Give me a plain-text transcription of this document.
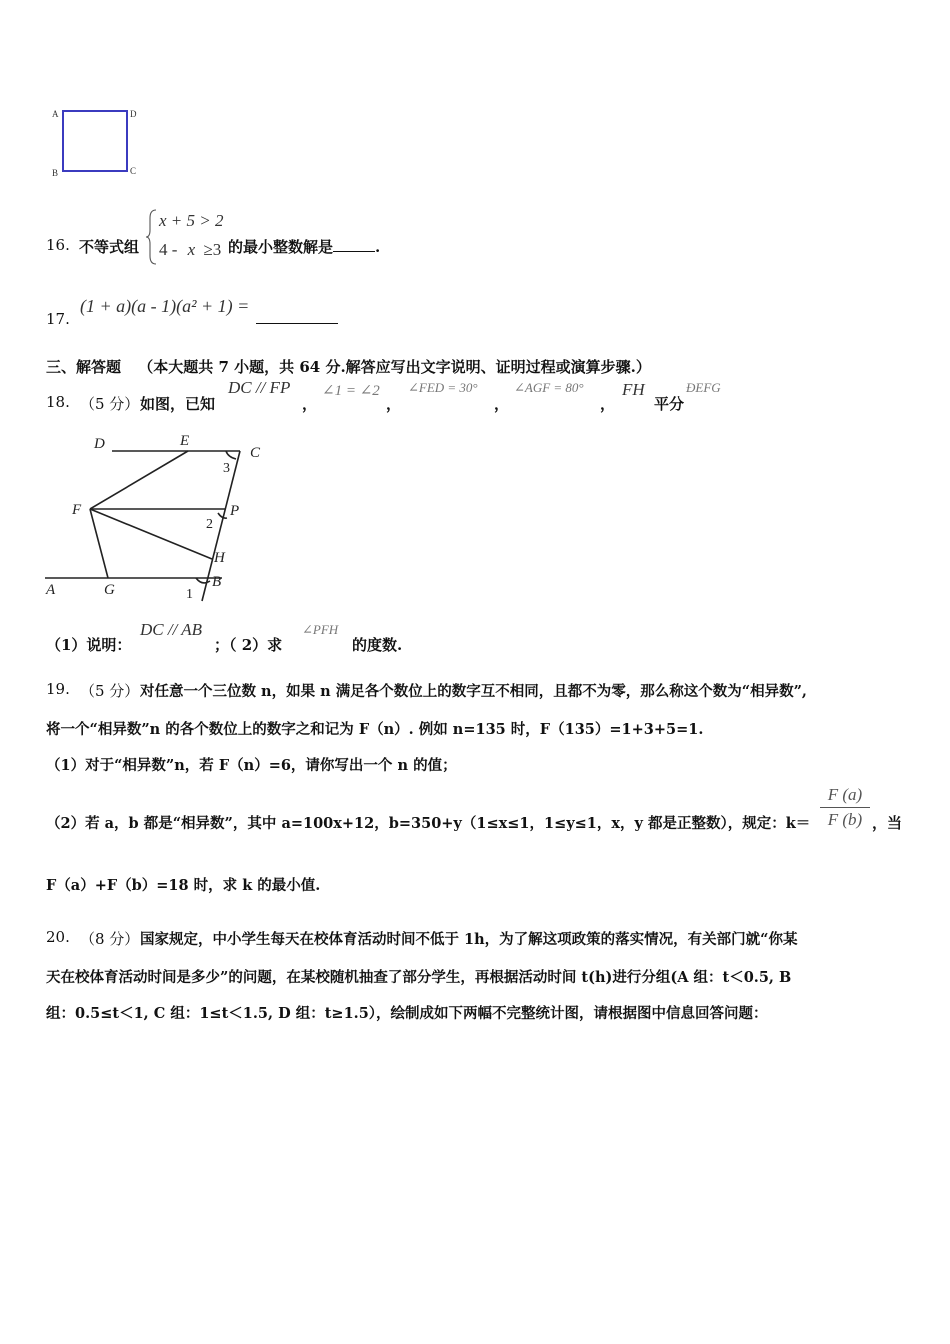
A	D
B	C
16. 不等式组
x + 5 > 2
4 - x ≥3 的最小整数解是	.
17.
(1 + a)(a - 1)(a² + 1) =
三、解答题 （本大题共 7 小题，共 64 分.解答应写出文字说明、证明过程或演算步骤.）
18. （5 分） 如图，已知
DC // FP
，
∠1 = ∠2
，
∠FED = 30°
，
∠AGF = 80°
，
FH
平分
ÐEFG
D	E
C
F	P
H
A	G	B
1
2
3
（1）说明：
DC // AB
；（ 2）求
∠PFH
的度数.
19. （5 分） 对任意一个三位数 n，如果 n 满足各个数位上的数字互不相同，且都不为零，那么称这个数为“相异数”,
将一个“相异数”n 的各个数位上的数字之和记为 F（n）. 例如 n=135 时，F（135）=1+3+5=1.
（1）对于“相异数”n，若 F（n）=6，请你写出一个 n 的值；
（2）若 a，b 都是“相异数”，其中 a=100x+12，b=350+y（1≤x≤1，1≤y≤1，x，y 都是正整数），规定：k＝
F (a)
F (b) ，当
F（a）+F（b）=18 时，求 k 的最小值.
20. （8 分） 国家规定，中小学生每天在校体育活动时间不低于 1h，为了解这项政策的落实情况，有关部门就“你某
天在校体育活动时间是多少”的问题，在某校随机抽查了部分学生，再根据活动时间 t(h)进行分组(A 组：t＜0.5, B
组：0.5≤t＜1, C 组：1≤t＜1.5, D 组：t≥1.5），绘制成如下两幅不完整统计图，请根据图中信息回答问题：
